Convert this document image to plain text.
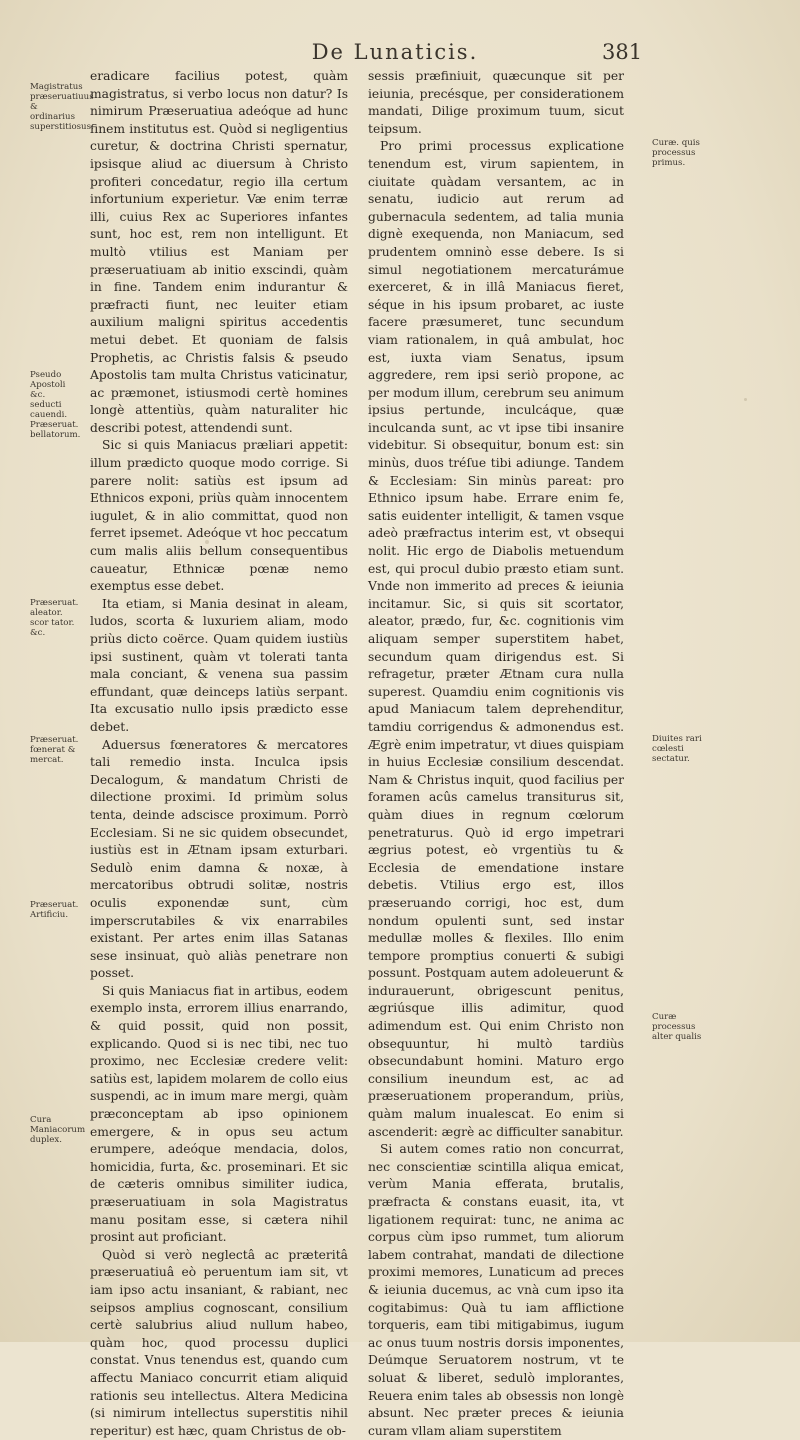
De Lunaticis.	381
Magistratus præseruatiuus & ordinarius superstitiosus.
Pseudo Apostoli &c. seducti cauendi. Præseruat. bellatorum.
Præseruat. aleator. scor tator. &c.
Præseruat. fœnerat & mercat.
Præseruat. Artificiu.
Cura Maniacorum duplex.
Curæ. quis processus primus.
Diuites rari cœlesti sectatur.
Curæ processus alter qualis

eradicare facilius potest, quàm magistratus, si verbo locus non datur? Is nimirum Præseruatiua adeóque ad hunc finem institutus est. Quòd si negligentius curetur, & doctrina Christi spernatur, ipsisque aliud ac diuersum à Christo profiteri concedatur, regio illa certum infortunium experietur. Væ enim terræ illi, cuius Rex ac Superiores infantes sunt, hoc est, rem non intelligunt. Et multò vtilius est Maniam per præseruatiuam ab initio exscindi, quàm in fine. Tandem enim indurantur & præfracti fiunt, nec leuiter etiam auxilium maligni spiritus accedentis metui debet. Et quoniam de falsis Prophetis, ac Christis falsis & pseudo Apostolis tam multa Christus vaticinatur, ac præmonet, istiusmodi certè homines longè attentiùs, quàm naturaliter hic describi potest, attendendi sunt.

Sic si quis Maniacus præliari appetit: illum prædicto quoque modo corrige. Si parere nolit: satiùs est ipsum ad Ethnicos exponi, priùs quàm innocentem iugulet, & in alio committat, quod non ferret ipsemet. Adeóque vt hoc peccatum cum malis aliis bellum consequentibus caueatur, Ethnicæ pœnæ nemo exemptus esse debet.

Ita etiam, si Mania desinat in aleam, ludos, scorta & luxuriem aliam, modo priùs dicto coërce. Quam quidem iustiùs ipsi sustinent, quàm vt tolerati tanta mala conciant, & venena sua passim effundant, quæ deinceps latiùs serpant. Ita excusatio nullo ipsis prædicto esse debet.

Aduersus fœneratores & mercatores tali remedio insta. Inculca ipsis Decalogum, & mandatum Christi de dilectione proximi. Id primùm solus tenta, deinde adscisce proximum. Porrò Ecclesiam. Si ne sic quidem obsecundet, iustiùs est in Ætnam ipsam exturbari. Sedulò enim damna & noxæ, à mercatoribus obtrudi solitæ, nostris oculis exponendæ sunt, cùm imperscrutabiles & vix enarrabiles existant. Per artes enim illas Satanas sese insinuat, quò aliàs penetrare non posset.

Si quis Maniacus fiat in artibus, eodem exemplo insta, errorem illius enarrando, & quid possit, quid non possit, explicando. Quod si is nec tibi, nec tuo proximo, nec Ecclesiæ credere velit: satiùs est, lapidem molarem de collo eius suspendi, ac in imum mare mergi, quàm præconceptam ab ipso opinionem emergere, & in opus seu actum erumpere, adeóque mendacia, dolos, homicidia, furta, &c. proseminari. Et sic de cæteris omnibus similiter iudica, præseruatiuam in sola Magistratus manu positam esse, si cætera nihil prosint aut proficiant.

Quòd si verò neglectâ ac præteritâ præseruatiuâ eò peruentum iam sit, vt iam ipso actu insaniant, & rabiant, nec seipsos amplius cognoscant, consilium certè salubrius aliud nullum habeo, quàm hoc, quod processu duplici constat. Vnus tenendus est, quando cum affectu Maniaco concurrit etiam aliquid rationis seu intellectus. Altera Medicina (si nimirum intellectus superstitis nihil reperitur) est hæc, quam Christus de ob-

sessis præfiniuit, quæcunque sit per ieiunia, precésque, per considerationem mandati, Dilige proximum tuum, sicut teipsum.

Pro primi processus explicatione tenendum est, virum sapientem, in ciuitate quàdam versantem, ac in senatu, iudicio aut rerum ad gubernacula sedentem, ad talia munia dignè exequenda, non Maniacum, sed prudentem omninò esse debere. Is si simul negotiationem mercaturámue exerceret, & in illâ Maniacus fieret, séque in his ipsum probaret, ac iuste facere præsumeret, tunc secundum viam rationalem, in quâ ambulat, hoc est, iuxta viam Senatus, ipsum aggredere, rem ipsi seriò propone, ac per modum illum, cerebrum seu animum ipsius pertunde, inculcáque, quæ inculcanda sunt, ac vt ipse tibi insanire videbitur. Si obsequitur, bonum est: sin minùs, duos tréſue tibi adiunge. Tandem & Ecclesiam: Sin minùs pareat: pro Ethnico ipsum habe. Errare enim fe, satis euidenter intelligit, & tamen vsque adeò præfractus interim est, vt obsequi nolit. Hic ergo de Diabolis metuendum est, qui procul dubio præsto etiam sunt. Vnde non immerito ad preces & ieiunia incitamur. Sic, si quis sit scortator, aleator, prædo, fur, &c. cognitionis vim aliquam semper superstitem habet, secundum quam dirigendus est. Si refragetur, præter Ætnam cura nulla superest. Quamdiu enim cognitionis vis apud Maniacum talem deprehenditur, tamdiu corrigendus & admonendus est. Ægrè enim impetratur, vt diues quispiam in huius Ecclesiæ consilium descendat. Nam & Christus inquit, quod facilius per foramen acûs camelus transiturus sit, quàm diues in regnum cœlorum penetraturus. Quò id ergo impetrari ægrius potest, eò vrgentiùs tu & Ecclesia de emendatione instare debetis. Vtilius ergo est, illos præseruando corrigi, hoc est, dum nondum opulenti sunt, sed instar medullæ molles & flexiles. Illo enim tempore promptius conuerti & subigi possunt. Postquam autem adoleuerunt & indurauerunt, obrigescunt penitus, ægriúsque illis adimitur, quod adimendum est. Qui enim Christo non obsequuntur, hi multò tardiùs obsecundabunt homini. Maturo ergo consilium ineundum est, ac ad præseruationem properandum, priùs, quàm malum inualescat. Eo enim si ascenderit: ægrè ac difficulter sanabitur.

Si autem comes ratio non concurrat, nec conscientiæ scintilla aliqua emicat, verùm Mania efferata, brutalis, præfracta & constans euasit, ita, vt ligationem requirat: tunc, ne anima ac corpus cùm ipso rummet, tum aliorum labem contrahat, mandati de dilectione proximi memores, Lunaticum ad preces & ieiunia ducemus, ac vnà cum ipso ita cogitabimus: Quà tu iam afflictione torqueris, eam tibi mitigabimus, iugum ac onus tuum nostris dorsis imponentes, Deúmque Seruatorem nostrum, vt te soluat & liberet, sedulò implorantes, Reuera enim tales ab obsessis non longè absunt. Nec præter preces & ieiunia curam vllam aliam superstitem
